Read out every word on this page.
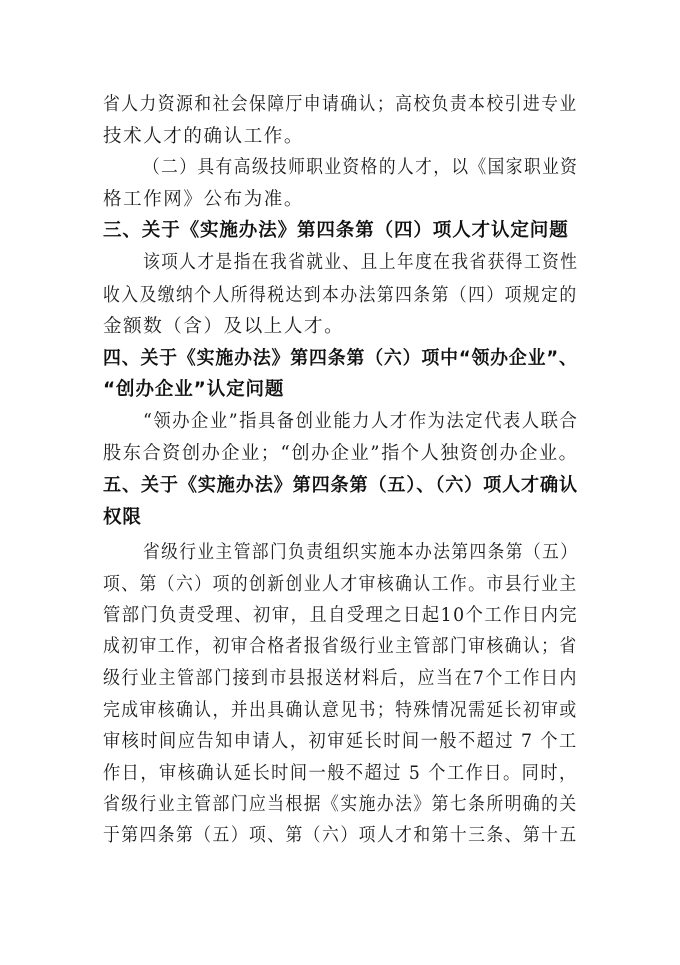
省人力资源和社会保障厅申请确认；高校负责本校引进专业
技术人才的确认工作。
（二）具有高级技师职业资格的人才，以《国家职业资
格工作网》公布为准。
三、关于《实施办法》第四条第（四）项人才认定问题
该项人才是指在我省就业、且上年度在我省获得工资性
收入及缴纳个人所得税达到本办法第四条第（四）项规定的
金额数（含）及以上人才。
四、关于《实施办法》第四条第（六）项中“领办企业”、
“创办企业”认定问题
“领办企业”指具备创业能力人才作为法定代表人联合
股东合资创办企业；“创办企业”指个人独资创办企业。
五、关于《实施办法》第四条第（五）、（六）项人才确认
权限
省级行业主管部门负责组织实施本办法第四条第（五）
项、第（六）项的创新创业人才审核确认工作。市县行业主
管部门负责受理、初审，且自受理之日起10个工作日内完
成初审工作，初审合格者报省级行业主管部门审核确认；省
级行业主管部门接到市县报送材料后，应当在7个工作日内
完成审核确认，并出具确认意见书；特殊情况需延长初审或
审核时间应告知申请人，初审延长时间一般不超过 7 个工
作日，审核确认延长时间一般不超过 5 个工作日。同时，
省级行业主管部门应当根据《实施办法》第七条所明确的关
于第四条第（五）项、第（六）项人才和第十三条、第十五
